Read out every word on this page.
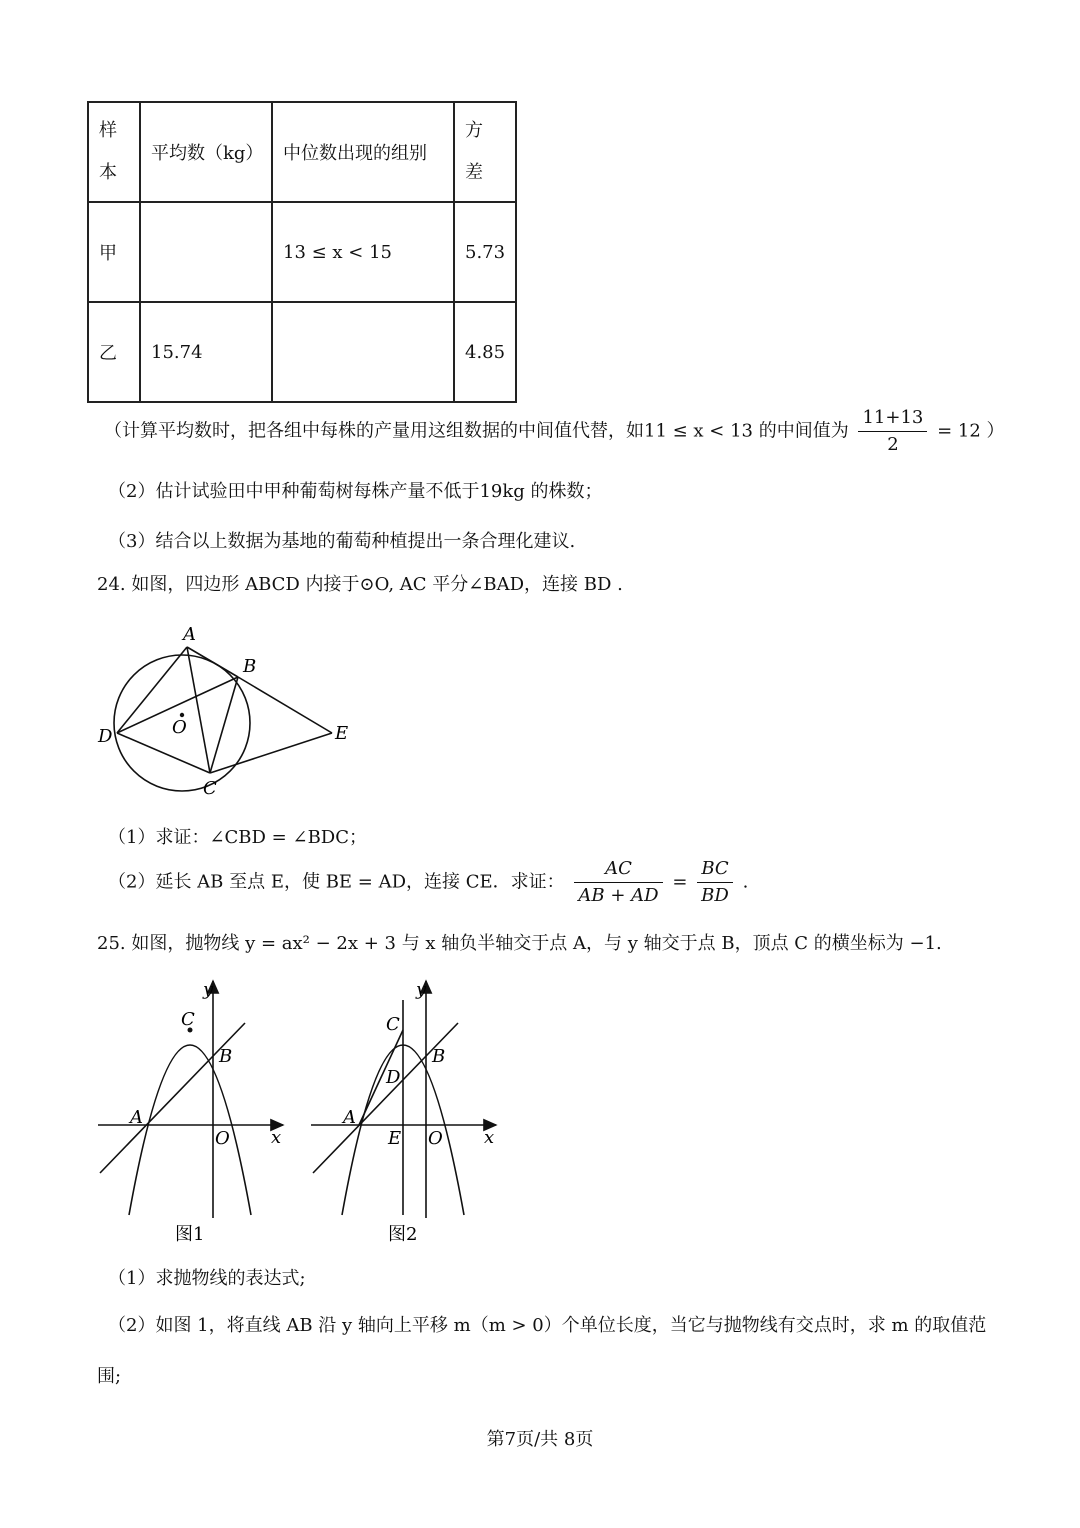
样
本	平均数（kg）	中位数出现的组别	方
差

甲		13 ≤ x < 15	5.73
乙	15.74		4.85
（计算平均数时，把各组中每株的产量用这组数据的中间值代替，如11 ≤ x < 13 的中间值为 $\frac{11+13}{2} = 12$ ）
（2）估计试验田中甲种葡萄树每株产量不低于19kg 的株数；
（3）结合以上数据为基地的葡萄种植提出一条合理化建议.
24. 如图，四边形 ABCD 内接于⊙O, AC 平分∠BAD，连接 BD .
A
B
C
D	E
O
（1）求证：∠CBD = ∠BDC；
（2）延长 AB 至点 E，使 BE = AD，连接 CE．求证： $\frac{AC}{AB + AD} = \frac{BC}{BD}$ .
25. 如图，抛物线 y = ax² − 2x + 3 与 x 轴负半轴交于点 A，与 y 轴交于点 B，顶点 C 的横坐标为 −1.
y
x
C
B
A
O
图1
y
x
C
B
D
A
E O
图2
（1）求抛物线的表达式;
（2）如图 1，将直线 AB 沿 y 轴向上平移 m（m > 0）个单位长度，当它与抛物线有交点时，求 m 的取值范
围;
第7页/共 8页
